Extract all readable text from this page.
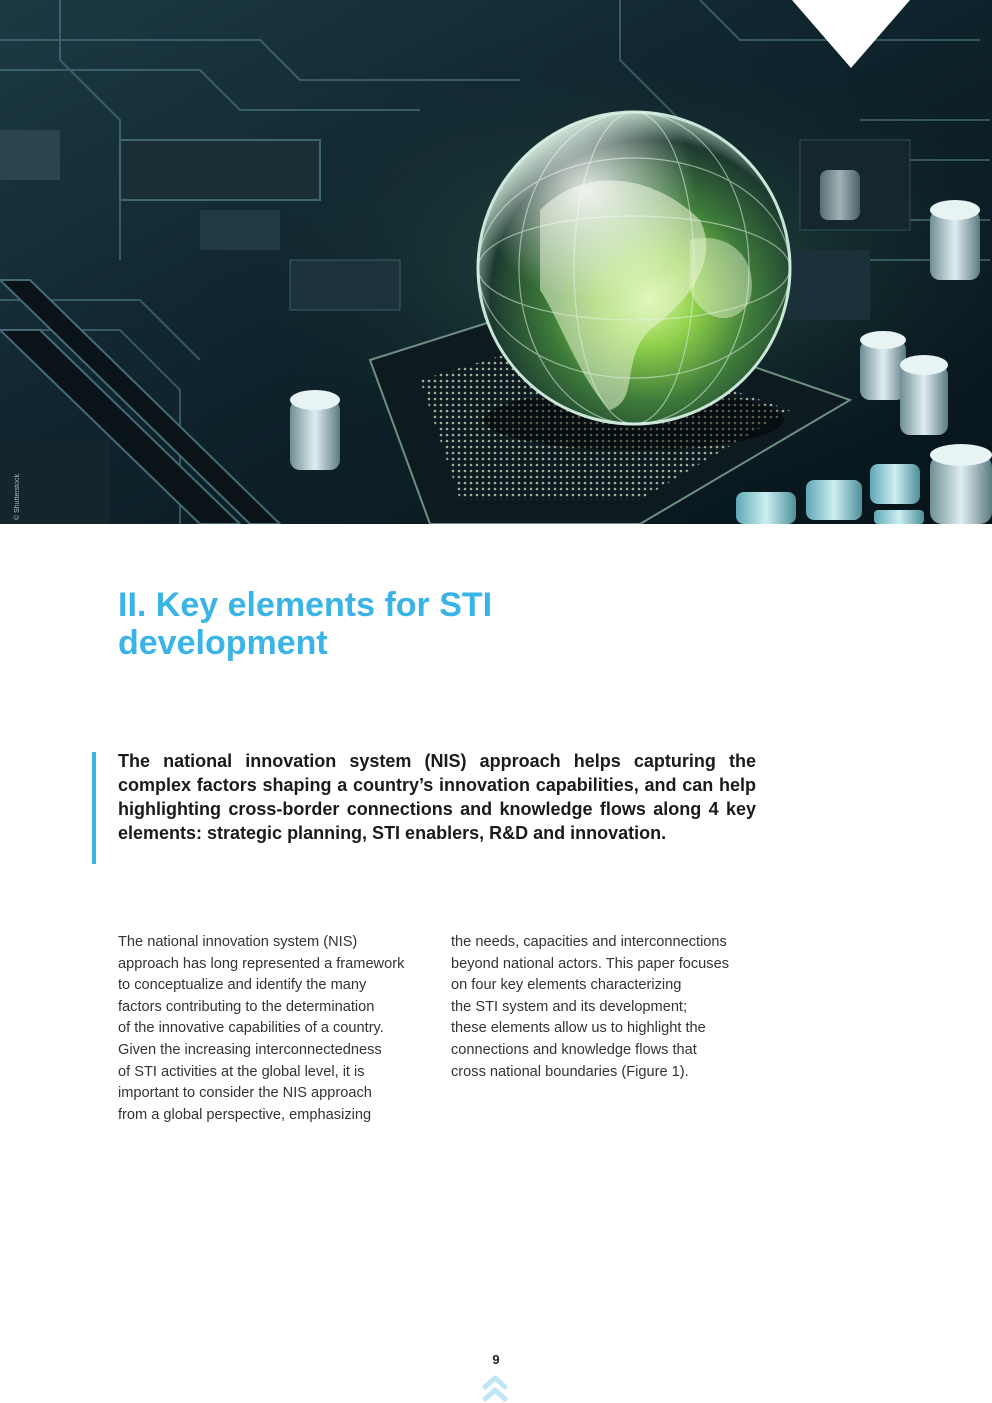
© Shutterstock
II. Key elements for STI
development

The national innovation system (NIS) approach helps capturing the complex factors shaping a country’s innovation capabilities, and can help highlighting cross-border connections and knowledge flows along 4 key elements: strategic planning, STI enablers, R&D and innovation.

The national innovation system (NIS)
approach has long represented a framework
to conceptualize and identify the many
factors contributing to the determination
of the innovative capabilities of a country.
Given the increasing interconnectedness
of STI activities at the global level, it is
important to consider the NIS approach
from a global perspective, emphasizing

the needs, capacities and interconnections
beyond national actors. This paper focuses
on four key elements characterizing
the STI system and its development;
these elements allow us to highlight the
connections and knowledge flows that
cross national boundaries (Figure 1).

9
